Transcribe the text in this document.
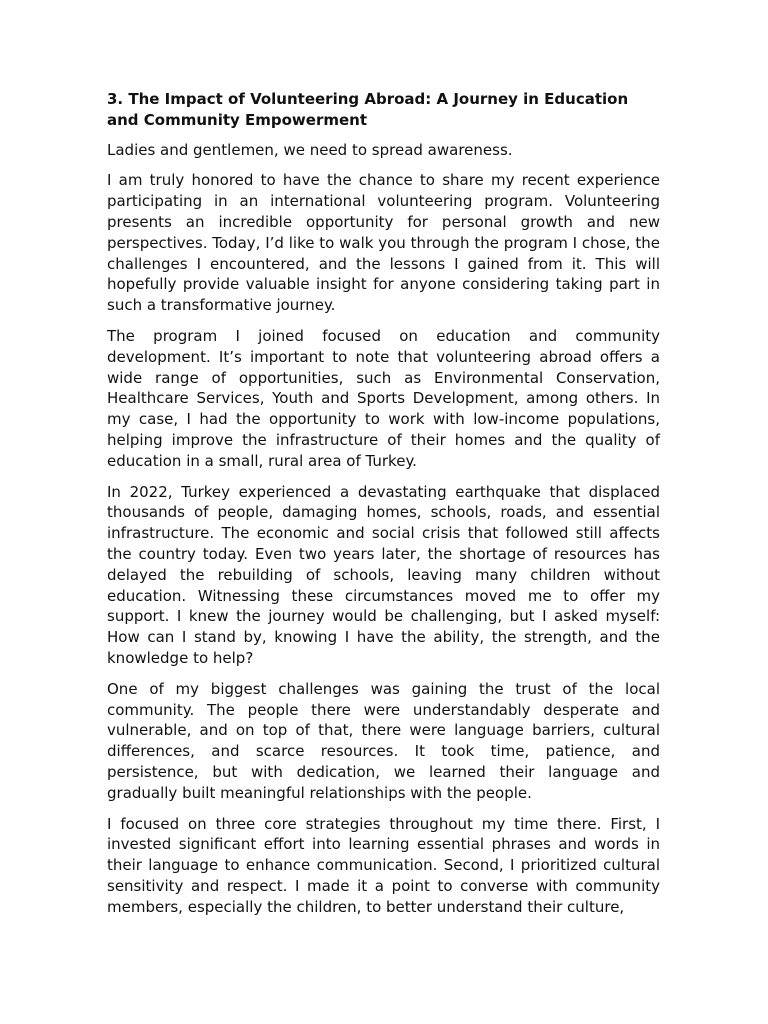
3. The Impact of Volunteering Abroad: A Journey in Education and Community Empowerment

Ladies and gentlemen, we need to spread awareness.

I am truly honored to have the chance to share my recent experience participating in an international volunteering program. Volunteering presents an incredible opportunity for personal growth and new perspectives. Today, I’d like to walk you through the program I chose, the challenges I encountered, and the lessons I gained from it. This will hopefully provide valuable insight for anyone considering taking part in such a transformative journey.

The program I joined focused on education and community development. It’s important to note that volunteering abroad offers a wide range of opportunities, such as Environmental Conservation, Healthcare Services, Youth and Sports Development, among others. In my case, I had the opportunity to work with low-income populations, helping improve the infrastructure of their homes and the quality of education in a small, rural area of Turkey.

In 2022, Turkey experienced a devastating earthquake that displaced thousands of people, damaging homes, schools, roads, and essential infrastructure. The economic and social crisis that followed still affects the country today. Even two years later, the shortage of resources has delayed the rebuilding of schools, leaving many children without education. Witnessing these circumstances moved me to offer my support. I knew the journey would be challenging, but I asked myself: How can I stand by, knowing I have the ability, the strength, and the knowledge to help?

One of my biggest challenges was gaining the trust of the local community. The people there were understandably desperate and vulnerable, and on top of that, there were language barriers, cultural differences, and scarce resources. It took time, patience, and persistence, but with dedication, we learned their language and gradually built meaningful relationships with the people.

I focused on three core strategies throughout my time there. First, I invested significant effort into learning essential phrases and words in their language to enhance communication. Second, I prioritized cultural sensitivity and respect. I made it a point to converse with community members, especially the children, to better understand their culture,
